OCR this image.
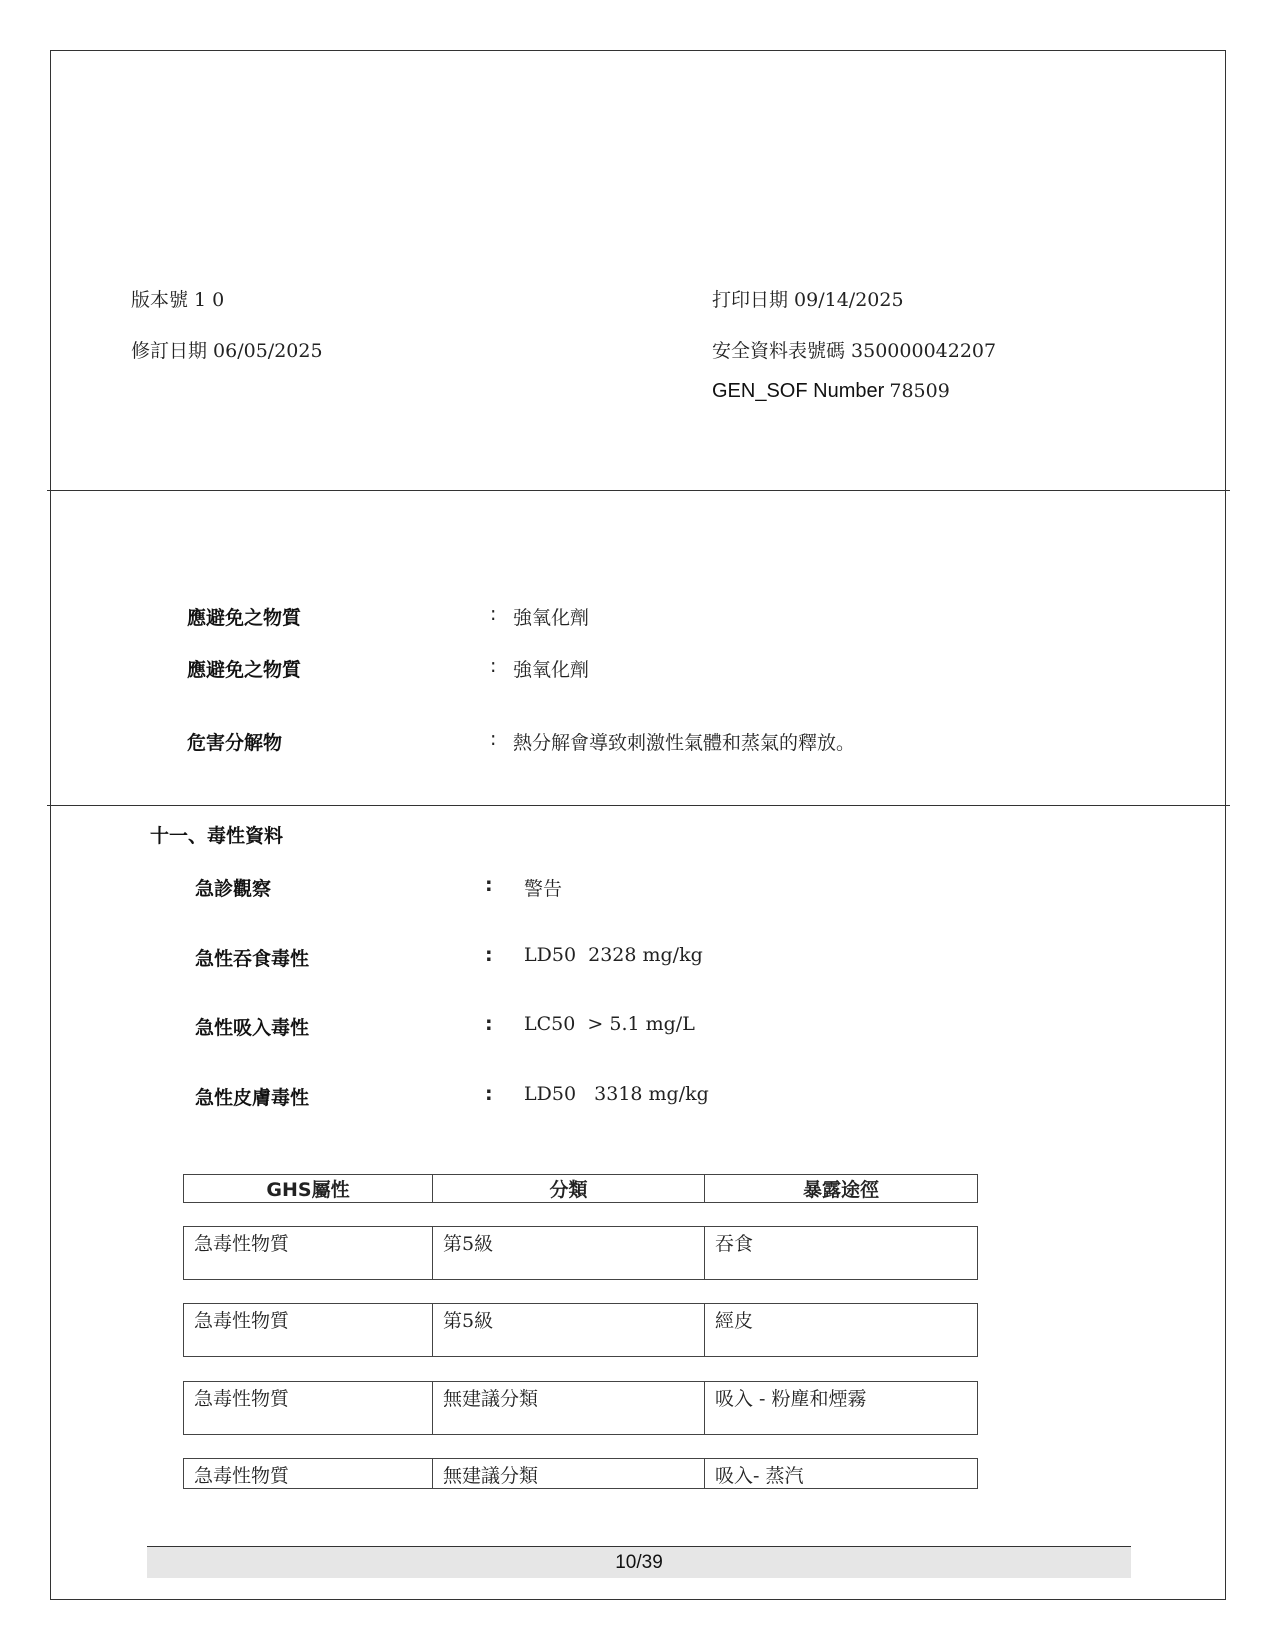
版本號 1 0	打印日期 09/14/2025
修訂日期 06/05/2025	安全資料表號碼 350000042207
GEN_SOF Number 78509
應避免之物質	: 強氧化劑
應避免之物質	: 強氧化劑
危害分解物	: 熱分解會導致刺激性氣體和蒸氣的釋放。
十一、毒性資料
急診觀察	: 警告
急性吞食毒性	: LD50  2328 mg/kg
急性吸入毒性	: LC50  > 5.1 mg/L
急性皮膚毒性	: LD50   3318 mg/kg
GHS屬性	分類	暴露途徑
急毒性物質	第5級	吞食
急毒性物質	第5級	經皮
急毒性物質	無建議分類	吸入 - 粉塵和煙霧
急毒性物質	無建議分類	吸入- 蒸汽
10/39
